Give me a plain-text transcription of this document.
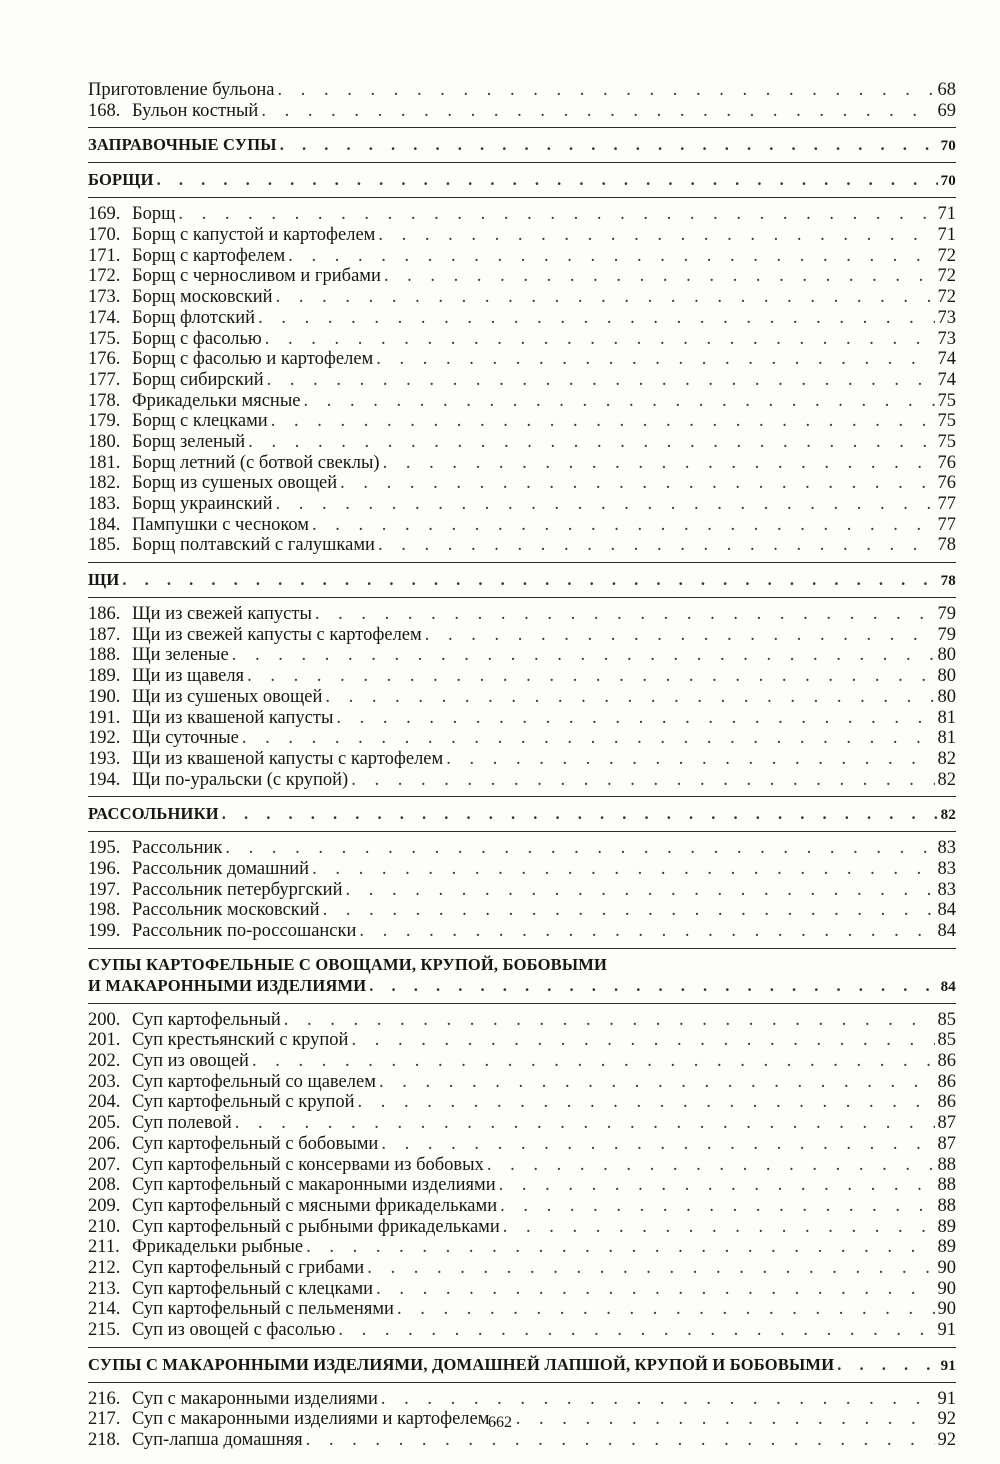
Приготовление бульона . . .	68
168. Бульон костный . . .	69
ЗАПРАВОЧНЫЕ СУПЫ . . .	70
БОРЩИ . . .	70
169. Борщ . . .	71
170. Борщ с капустой и картофелем . . .	71
171. Борщ с картофелем . . .	72
172. Борщ с черносливом и грибами . . .	72
173. Борщ московский . . .	72
174. Борщ флотский . . .	73
175. Борщ с фасолью . . .	73
176. Борщ с фасолью и картофелем . . .	74
177. Борщ сибирский . . .	74
178. Фрикадельки мясные . . .	75
179. Борщ с клецками . . .	75
180. Борщ зеленый . . .	75
181. Борщ летний (с ботвой свеклы) . . .	76
182. Борщ из сушеных овощей . . .	76
183. Борщ украинский . . .	77
184. Пампушки с чесноком . . .	77
185. Борщ полтавский с галушками . . .	78
ЩИ . . .	78
186. Щи из свежей капусты . . .	79
187. Щи из свежей капусты с картофелем . . .	79
188. Щи зеленые . . .	80
189. Щи из щавеля . . .	80
190. Щи из сушеных овощей . . .	80
191. Щи из квашеной капусты . . .	81
192. Щи суточные . . .	81
193. Щи из квашеной капусты с картофелем . . .	82
194. Щи по-уральски (с крупой) . . .	82
РАССОЛЬНИКИ . . .	82
195. Рассольник . . .	83
196. Рассольник домашний . . .	83
197. Рассольник петербургский . . .	83
198. Рассольник московский . . .	84
199. Рассольник по-россошански . . .	84
СУПЫ КАРТОФЕЛЬНЫЕ С ОВОЩАМИ, КРУПОЙ, БОБОВЫМИ
И МАКАРОННЫМИ ИЗДЕЛИЯМИ . . .	84
200. Суп картофельный . . .	85
201. Суп крестьянский с крупой . . .	85
202. Суп из овощей . . .	86
203. Суп картофельный со щавелем . . .	86
204. Суп картофельный с крупой . . .	86
205. Суп полевой . . .	87
206. Суп картофельный с бобовыми . . .	87
207. Суп картофельный с консервами из бобовых . . .	88
208. Суп картофельный с макаронными изделиями . . .	88
209. Суп картофельный с мясными фрикадельками . . .	88
210. Суп картофельный с рыбными фрикадельками . . .	89
211. Фрикадельки рыбные . . .	89
212. Суп картофельный с грибами . . .	90
213. Суп картофельный с клецками . . .	90
214. Суп картофельный с пельменями . . .	90
215. Суп из овощей с фасолью . . .	91
СУПЫ С МАКАРОННЫМИ ИЗДЕЛИЯМИ, ДОМАШНЕЙ ЛАПШОЙ, КРУПОЙ И БОБОВЫМИ . . .	91
216. Суп с макаронными изделиями . . .	91
217. Суп с макаронными изделиями и картофелем . . .	92
218. Суп-лапша домашняя . . .	92
662
